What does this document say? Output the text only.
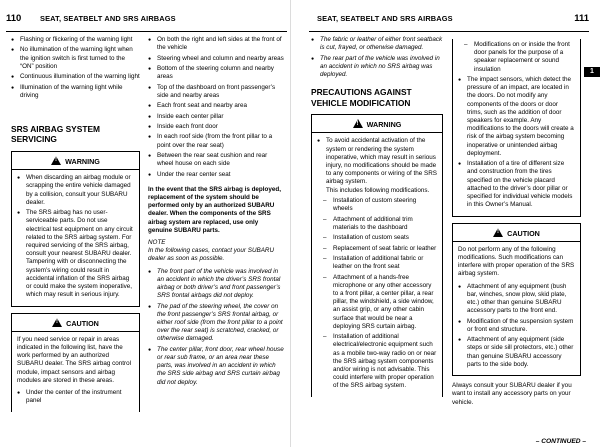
110	SEAT, SEATBELT AND SRS AIRBAGS
● Flashing or flickering of the warning light
● No illumination of the warning light when the ignition switch is first turned to the “ON” position
● Continuous illumination of the warning light
● Illumination of the warning light while driving
SRS AIRBAG SYSTEM SERVICING
!WARNING
● When discarding an airbag module or scrapping the entire vehicle damaged by a collision, consult your SUBARU dealer.
● The SRS airbag has no user-serviceable parts. Do not use electrical test equipment on any circuit related to the SRS airbag system. For required servicing of the SRS airbag, consult your nearest SUBARU dealer. Tampering with or disconnecting the system’s wiring could result in accidental inflation of the SRS airbag or could make the system inoperative, which may result in serious injury.
!CAUTION
If you need service or repair in areas indicated in the following list, have the work performed by an authorized SUBARU dealer. The SRS airbag control module, impact sensors and airbag modules are stored in these areas.
● Under the center of the instrument panel
● On both the right and left sides at the front of the vehicle
● Steering wheel and column and nearby areas
● Bottom of the steering column and nearby areas
● Top of the dashboard on front passenger’s side and nearby areas
● Each front seat and nearby area
● Inside each center pillar
● Inside each front door
● In each roof side (from the front pillar to a point over the rear seat)
● Between the rear seat cushion and rear wheel house on each side
● Under the rear center seat
In the event that the SRS airbag is deployed, replacement of the system should be performed only by an authorized SUBARU dealer. When the components of the SRS airbag system are replaced, use only genuine SUBARU parts.
NOTE
In the following cases, contact your SUBARU dealer as soon as possible.
● The front part of the vehicle was involved in an accident in which the driver’s SRS frontal airbag or both driver’s and front passenger’s SRS frontal airbags did not deploy.
● The pad of the steering wheel, the cover on the front passenger’s SRS frontal airbag, or either roof side (from the front pillar to a point over the rear seat) is scratched, cracked, or otherwise damaged.
● The center pillar, front door, rear wheel house or rear sub frame, or an area near these parts, was involved in an accident in which the SRS side airbag and SRS curtain airbag did not deploy.
SEAT, SEATBELT AND SRS AIRBAGS	111
● The fabric or leather of either front seatback is cut, frayed, or otherwise damaged.
● The rear part of the vehicle was involved in an accident in which no SRS airbag was deployed.
PRECAUTIONS AGAINST VEHICLE MODIFICATION
!WARNING
● To avoid accidental activation of the system or rendering the system inoperative, which may result in serious injury, no modifications should be made to any components or wiring of the SRS airbag system.
This includes following modifications.
– Installation of custom steering wheels
– Attachment of additional trim materials to the dashboard
– Installation of custom seats
– Replacement of seat fabric or leather
– Installation of additional fabric or leather on the front seat
– Attachment of a hands-free microphone or any other accessory to a front pillar, a center pillar, a rear pillar, the windshield, a side window, an assist grip, or any other cabin surface that would be near a deploying SRS curtain airbag.
– Installation of additional electrical/electronic equipment such as a mobile two-way radio on or near the SRS airbag system components and/or wiring is not advisable. This could interfere with proper operation of the SRS airbag system.
– Modifications on or inside the front door panels for the purpose of a speaker replacement or sound insulation
● The impact sensors, which detect the pressure of an impact, are located in the doors. Do not modify any components of the doors or door trims, such as the addition of door speakers for example. Any modifications to the doors will create a risk of the airbag system becoming inoperative or unintended airbag deployment.
● Installation of a tire of different size and construction from the tires specified on the vehicle placard attached to the driver’s door pillar or specified for individual vehicle models in this Owner’s Manual.
!CAUTION
Do not perform any of the following modifications. Such modifications can interfere with proper operation of the SRS airbag system.
● Attachment of any equipment (bush bar, winches, snow plow, skid plate, etc.) other than genuine SUBARU accessory parts to the front end.
● Modification of the suspension system or front end structure.
● Attachment of any equipment (side steps or side sill protectors, etc.) other than genuine SUBARU accessory parts to the side body.
Always consult your SUBARU dealer if you want to install any accessory parts on your vehicle.
1
– CONTINUED –
